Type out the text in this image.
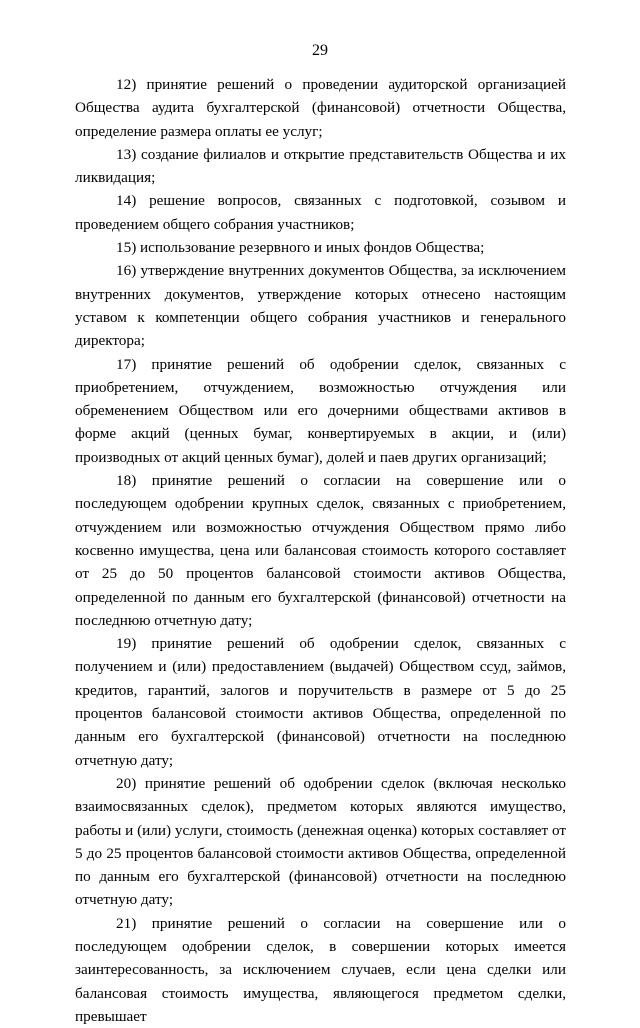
29

12) принятие решений о проведении аудиторской организацией Общества аудита бухгалтерской (финансовой) отчетности Общества, определение размера оплаты ее услуг;

13) создание филиалов и открытие представительств Общества и их ликвидация;

14) решение вопросов, связанных с подготовкой, созывом и проведением общего собрания участников;

15) использование резервного и иных фондов Общества;

16) утверждение внутренних документов Общества, за исключением внутренних документов, утверждение которых отнесено настоящим уставом к компетенции общего собрания участников и генерального директора;

17) принятие решений об одобрении сделок, связанных с приобретением, отчуждением, возможностью отчуждения или обременением Обществом или его дочерними обществами активов в форме акций (ценных бумаг, конвертируемых в акции, и (или) производных от акций ценных бумаг), долей и паев других организаций;

18) принятие решений о согласии на совершение или о последующем одобрении крупных сделок, связанных с приобретением, отчуждением или возможностью отчуждения Обществом прямо либо косвенно имущества, цена или балансовая стоимость которого составляет от 25 до 50 процентов балансовой стоимости активов Общества, определенной по данным его бухгалтерской (финансовой) отчетности на последнюю отчетную дату;

19) принятие решений об одобрении сделок, связанных с получением и (или) предоставлением (выдачей) Обществом ссуд, займов, кредитов, гарантий, залогов и поручительств в размере от 5 до 25 процентов балансовой стоимости активов Общества, определенной по данным его бухгалтерской (финансовой) отчетности на последнюю отчетную дату;

20) принятие решений об одобрении сделок (включая несколько взаимосвязанных сделок), предметом которых являются имущество, работы и (или) услуги, стоимость (денежная оценка) которых составляет от 5 до 25 процентов балансовой стоимости активов Общества, определенной по данным его бухгалтерской (финансовой) отчетности на последнюю отчетную дату;

21) принятие решений о согласии на совершение или о последующем одобрении сделок, в совершении которых имеется заинтересованность, за исключением случаев, если цена сделки или балансовая стоимость имущества, являющегося предметом сделки, превышает
